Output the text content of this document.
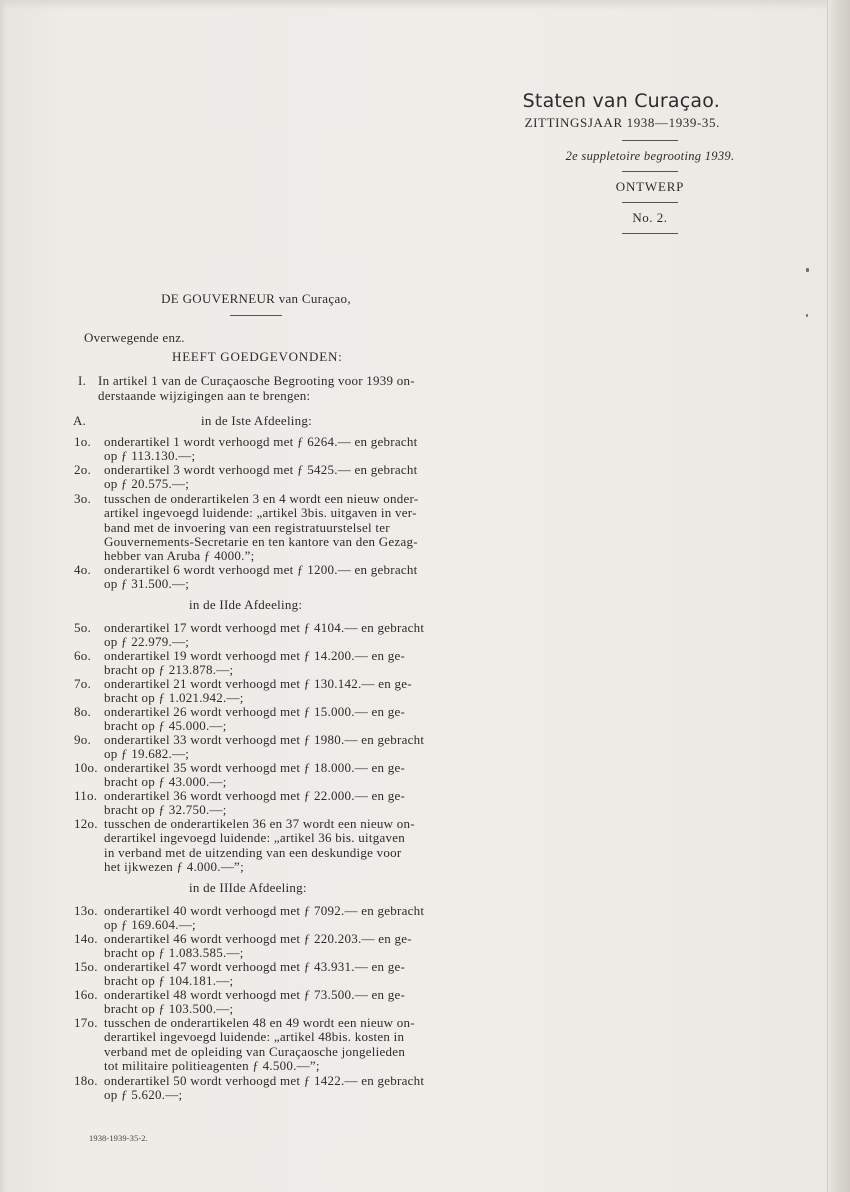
Staten van Curaçao.
ZITTINGSJAAR 1938—1939-35.
2e suppletoire begrooting 1939.
ONTWERP
No. 2.
DE GOUVERNEUR van Curaçao,
Overwegende enz.
HEEFT GOEDGEVONDEN:
I. In artikel 1 van de Curaçaosche Begrooting voor 1939 on-
derstaande wijzigingen aan te brengen:
A.	in de Iste Afdeeling:
in de IIde Afdeeling:
in de IIIde Afdeeling:
1o. onderartikel 1 wordt verhoogd met ƒ 6264.— en gebracht
op ƒ 113.130.—;
2o. onderartikel 3 wordt verhoogd met ƒ 5425.— en gebracht
op ƒ 20.575.—;
3o. tusschen de onderartikelen 3 en 4 wordt een nieuw onder-
artikel ingevoegd luidende: „artikel 3bis. uitgaven in ver-
band met de invoering van een registratuurstelsel ter
Gouvernements-Secretarie en ten kantore van den Gezag-
hebber van Aruba ƒ 4000.”;
4o. onderartikel 6 wordt verhoogd met ƒ 1200.— en gebracht
op ƒ 31.500.—;
5o. onderartikel 17 wordt verhoogd met ƒ 4104.— en gebracht
op ƒ 22.979.—;
6o. onderartikel 19 wordt verhoogd met ƒ 14.200.— en ge-
bracht op ƒ 213.878.—;
7o. onderartikel 21 wordt verhoogd met ƒ 130.142.— en ge-
bracht op ƒ 1.021.942.—;
8o. onderartikel 26 wordt verhoogd met ƒ 15.000.— en ge-
bracht op ƒ 45.000.—;
9o. onderartikel 33 wordt verhoogd met ƒ 1980.— en gebracht
op ƒ 19.682.—;
10o. onderartikel 35 wordt verhoogd met ƒ 18.000.— en ge-
bracht op ƒ 43.000.—;
11o. onderartikel 36 wordt verhoogd met ƒ 22.000.— en ge-
bracht op ƒ 32.750.—;
12o. tusschen de onderartikelen 36 en 37 wordt een nieuw on-
derartikel ingevoegd luidende: „artikel 36 bis. uitgaven
in verband met de uitzending van een deskundige voor
het ijkwezen ƒ 4.000.—”;
13o. onderartikel 40 wordt verhoogd met ƒ 7092.— en gebracht
op ƒ 169.604.—;
14o. onderartikel 46 wordt verhoogd met ƒ 220.203.— en ge-
bracht op ƒ 1.083.585.—;
15o. onderartikel 47 wordt verhoogd met ƒ 43.931.— en ge-
bracht op ƒ 104.181.—;
16o. onderartikel 48 wordt verhoogd met ƒ 73.500.— en ge-
bracht op ƒ 103.500.—;
17o. tusschen de onderartikelen 48 en 49 wordt een nieuw on-
derartikel ingevoegd luidende: „artikel 48bis. kosten in
verband met de opleiding van Curaçaosche jongelieden
tot militaire politieagenten ƒ 4.500.—”;
18o. onderartikel 50 wordt verhoogd met ƒ 1422.— en gebracht
op ƒ 5.620.—;
1938-1939-35-2.
